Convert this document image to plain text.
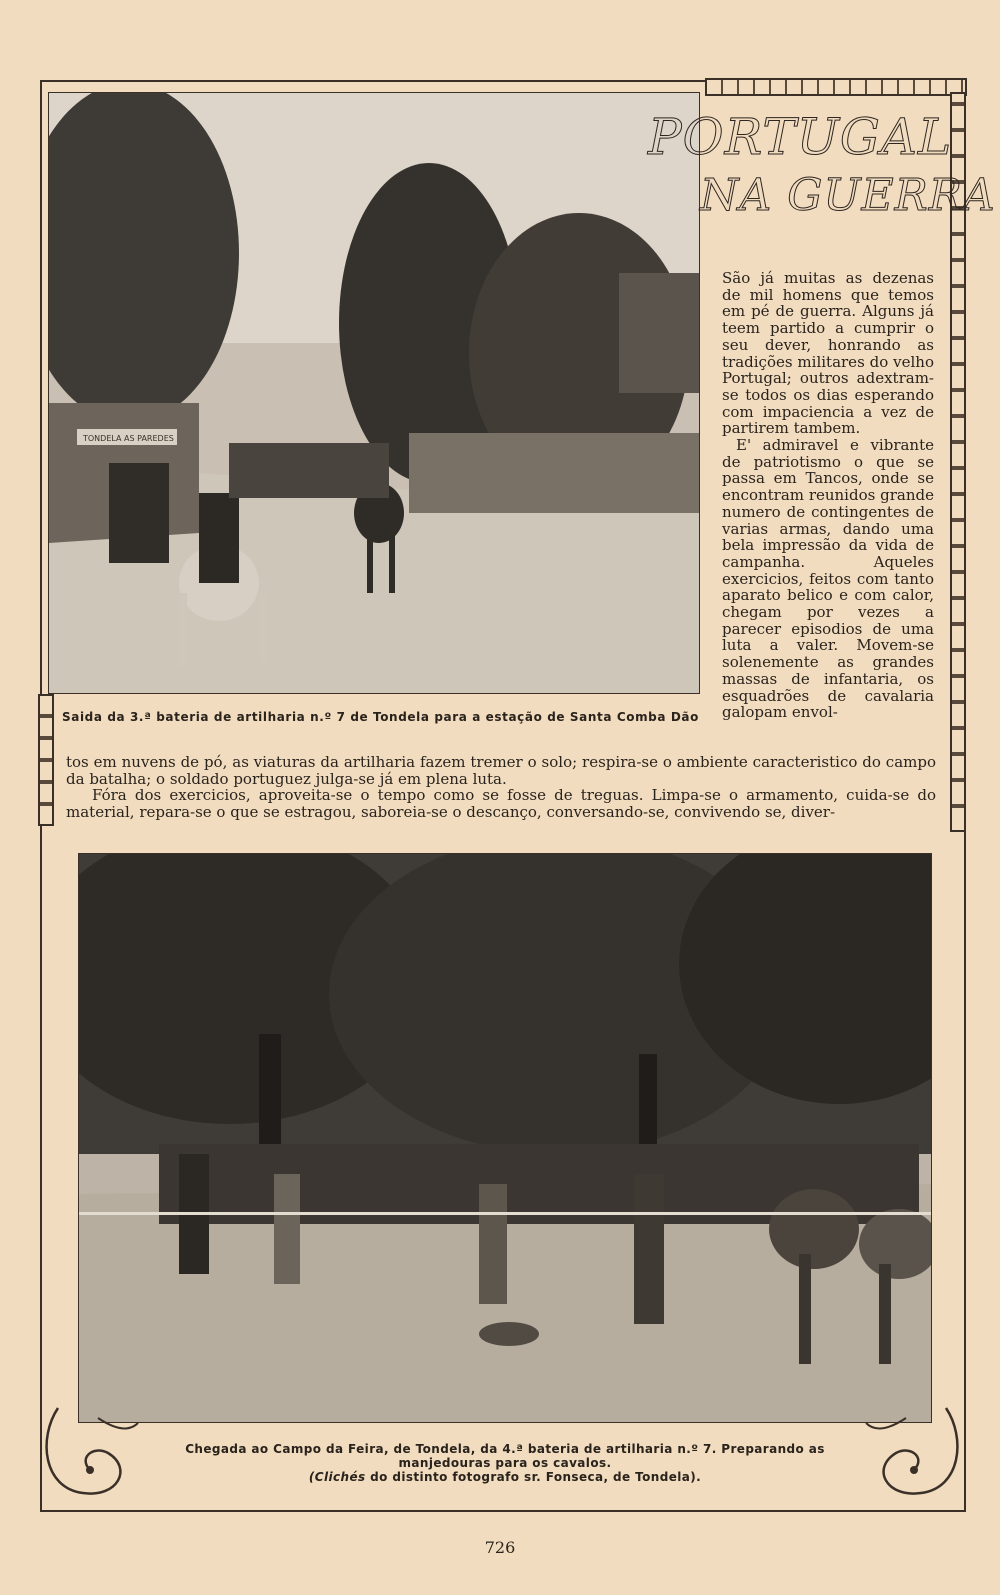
TONDELA AS PAREDES
PORTUGAL
NA GUERRA

São já muitas as dezenas de mil homens que temos em pé de guerra. Alguns já teem partido a cumprir o seu dever, honrando as tradições militares do velho Portugal; outros adextram-se todos os dias esperando com impaciencia a vez de partirem tambem.

E' admiravel e vibrante de patriotismo o que se passa em Tancos, onde se encontram reunidos grande numero de contingentes de varias armas, dando uma bela impressão da vida de campanha. Aqueles exercicios, feitos com tanto aparato belico e com calor, chegam por vezes a parecer episodios de uma luta a valer. Movem-se solenemente as grandes massas de infantaria, os esquadrões de cavalaria galopam envol-

Saida da 3.ª bateria de artilharia n.º 7 de Tondela para a estação de Santa Comba Dão

tos em nuvens de pó, as viaturas da artilharia fazem tremer o solo; respira-se o ambiente caracteristico do campo da batalha; o soldado portuguez julga-se já em plena luta.

Fóra dos exercicios, aproveita-se o tempo como se fosse de treguas. Limpa-se o armamento, cuida-se do material, repara-se o que se estragou, saboreia-se o descanço, conversando-se, convivendo se, diver-

Chegada ao Campo da Feira, de Tondela, da 4.ª bateria de artilharia n.º 7. Preparando as
manjedouras para os cavalos.
(Clichés do distinto fotografo sr. Fonseca, de Tondela).
726
